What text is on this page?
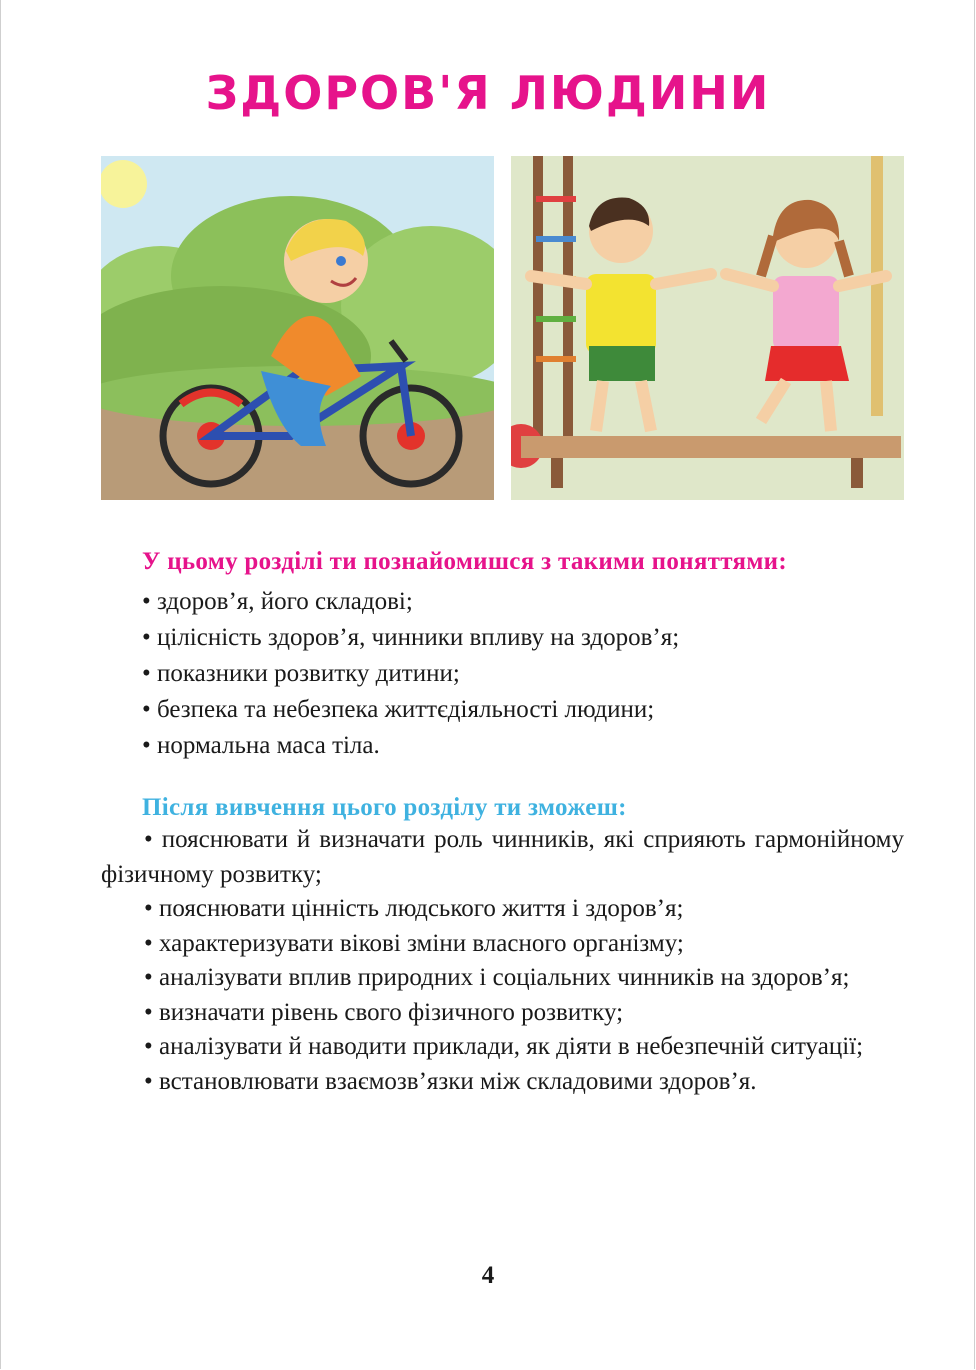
ЗДОРОВ'Я ЛЮДИНИ
У цьому розділі ти познайомишся з такими поняттями:
• здоров’я, його складові;
• цілісність здоров’я, чинники впливу на здоров’я;
• показники розвитку дитини;
• безпека та небезпека життєдіяльності людини;
• нормальна маса тіла.
Після вивчення цього розділу ти зможеш:
• пояснювати й визначати роль чинників, які сприяють гармонійному фізичному розвитку;
• пояснювати цінність людського життя і здоров’я;
• характеризувати вікові зміни власного організму;
• аналізувати вплив природних і соціальних чинників на здоров’я;
• визначати рівень свого фізичного розвитку;
• аналізувати й наводити приклади, як діяти в небезпечній ситуації;
• встановлювати взаємозв’язки між складовими здоров’я.
4
